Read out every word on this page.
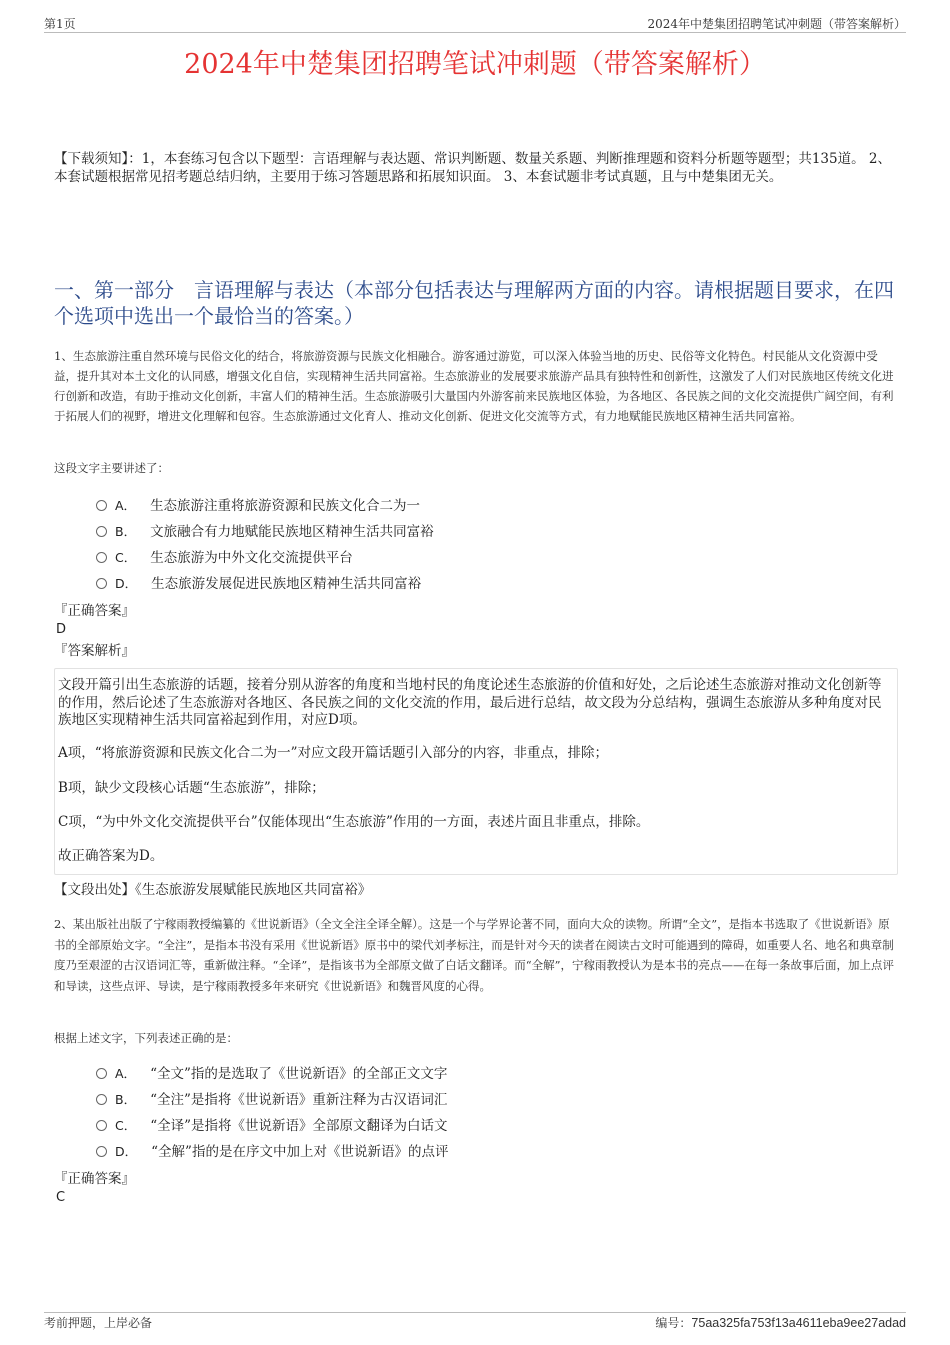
第1页	2024年中楚集团招聘笔试冲刺题（带答案解析）
2024年中楚集团招聘笔试冲刺题（带答案解析）
【下载须知】：1，本套练习包含以下题型：言语理解与表达题、常识判断题、数量关系题、判断推理题和资料分析题等题型；共135道。 2、本套试题根据常见招考题总结归纳，主要用于练习答题思路和拓展知识面。 3、本套试题非考试真题，且与中楚集团无关。
一、第一部分　言语理解与表达（本部分包括表达与理解两方面的内容。请根据题目要求，在四个选项中选出一个最恰当的答案。）
1、生态旅游注重自然环境与民俗文化的结合，将旅游资源与民族文化相融合。游客通过游览，可以深入体验当地的历史、民俗等文化特色。村民能从文化资源中受益，提升其对本土文化的认同感，增强文化自信，实现精神生活共同富裕。生态旅游业的发展要求旅游产品具有独特性和创新性，这激发了人们对民族地区传统文化进行创新和改造，有助于推动文化创新，丰富人们的精神生活。生态旅游吸引大量国内外游客前来民族地区体验，为各地区、各民族之间的文化交流提供广阔空间，有利于拓展人们的视野，增进文化理解和包容。生态旅游通过文化育人、推动文化创新、促进文化交流等方式，有力地赋能民族地区精神生活共同富裕。
这段文字主要讲述了：
A． 生态旅游注重将旅游资源和民族文化合二为一
B． 文旅融合有力地赋能民族地区精神生活共同富裕
C． 生态旅游为中外文化交流提供平台
D． 生态旅游发展促进民族地区精神生活共同富裕
『正确答案』
D
『答案解析』
文段开篇引出生态旅游的话题，接着分别从游客的角度和当地村民的角度论述生态旅游的价值和好处，之后论述生态旅游对推动文化创新等的作用，然后论述了生态旅游对各地区、各民族之间的文化交流的作用，最后进行总结，故文段为分总结构，强调生态旅游从多种角度对民族地区实现精神生活共同富裕起到作用，对应D项。
A项，“将旅游资源和民族文化合二为一”对应文段开篇话题引入部分的内容，非重点，排除；
B项，缺少文段核心话题“生态旅游”，排除；
C项，“为中外文化交流提供平台”仅能体现出“生态旅游”作用的一方面，表述片面且非重点，排除。
故正确答案为D。
【文段出处】《生态旅游发展赋能民族地区共同富裕》
2、某出版社出版了宁稼雨教授编纂的《世说新语》（全文全注全译全解）。这是一个与学界论著不同，面向大众的读物。所谓“全文”，是指本书选取了《世说新语》原书的全部原始文字。“全注”，是指本书没有采用《世说新语》原书中的梁代刘孝标注，而是针对今天的读者在阅读古文时可能遇到的障碍，如重要人名、地名和典章制度乃至艰涩的古汉语词汇等，重新做注释。“全译”，是指该书为全部原文做了白话文翻译。而“全解”，宁稼雨教授认为是本书的亮点——在每一条故事后面，加上点评和导读，这些点评、导读，是宁稼雨教授多年来研究《世说新语》和魏晋风度的心得。
根据上述文字，下列表述正确的是：
A． “全文”指的是选取了《世说新语》的全部正文文字
B． “全注”是指将《世说新语》重新注释为古汉语词汇
C． “全译”是指将《世说新语》全部原文翻译为白话文
D． “全解”指的是在序文中加上对《世说新语》的点评
『正确答案』
C
考前押题，上岸必备	编号：75aa325fa753f13a4611eba9ee27adad
